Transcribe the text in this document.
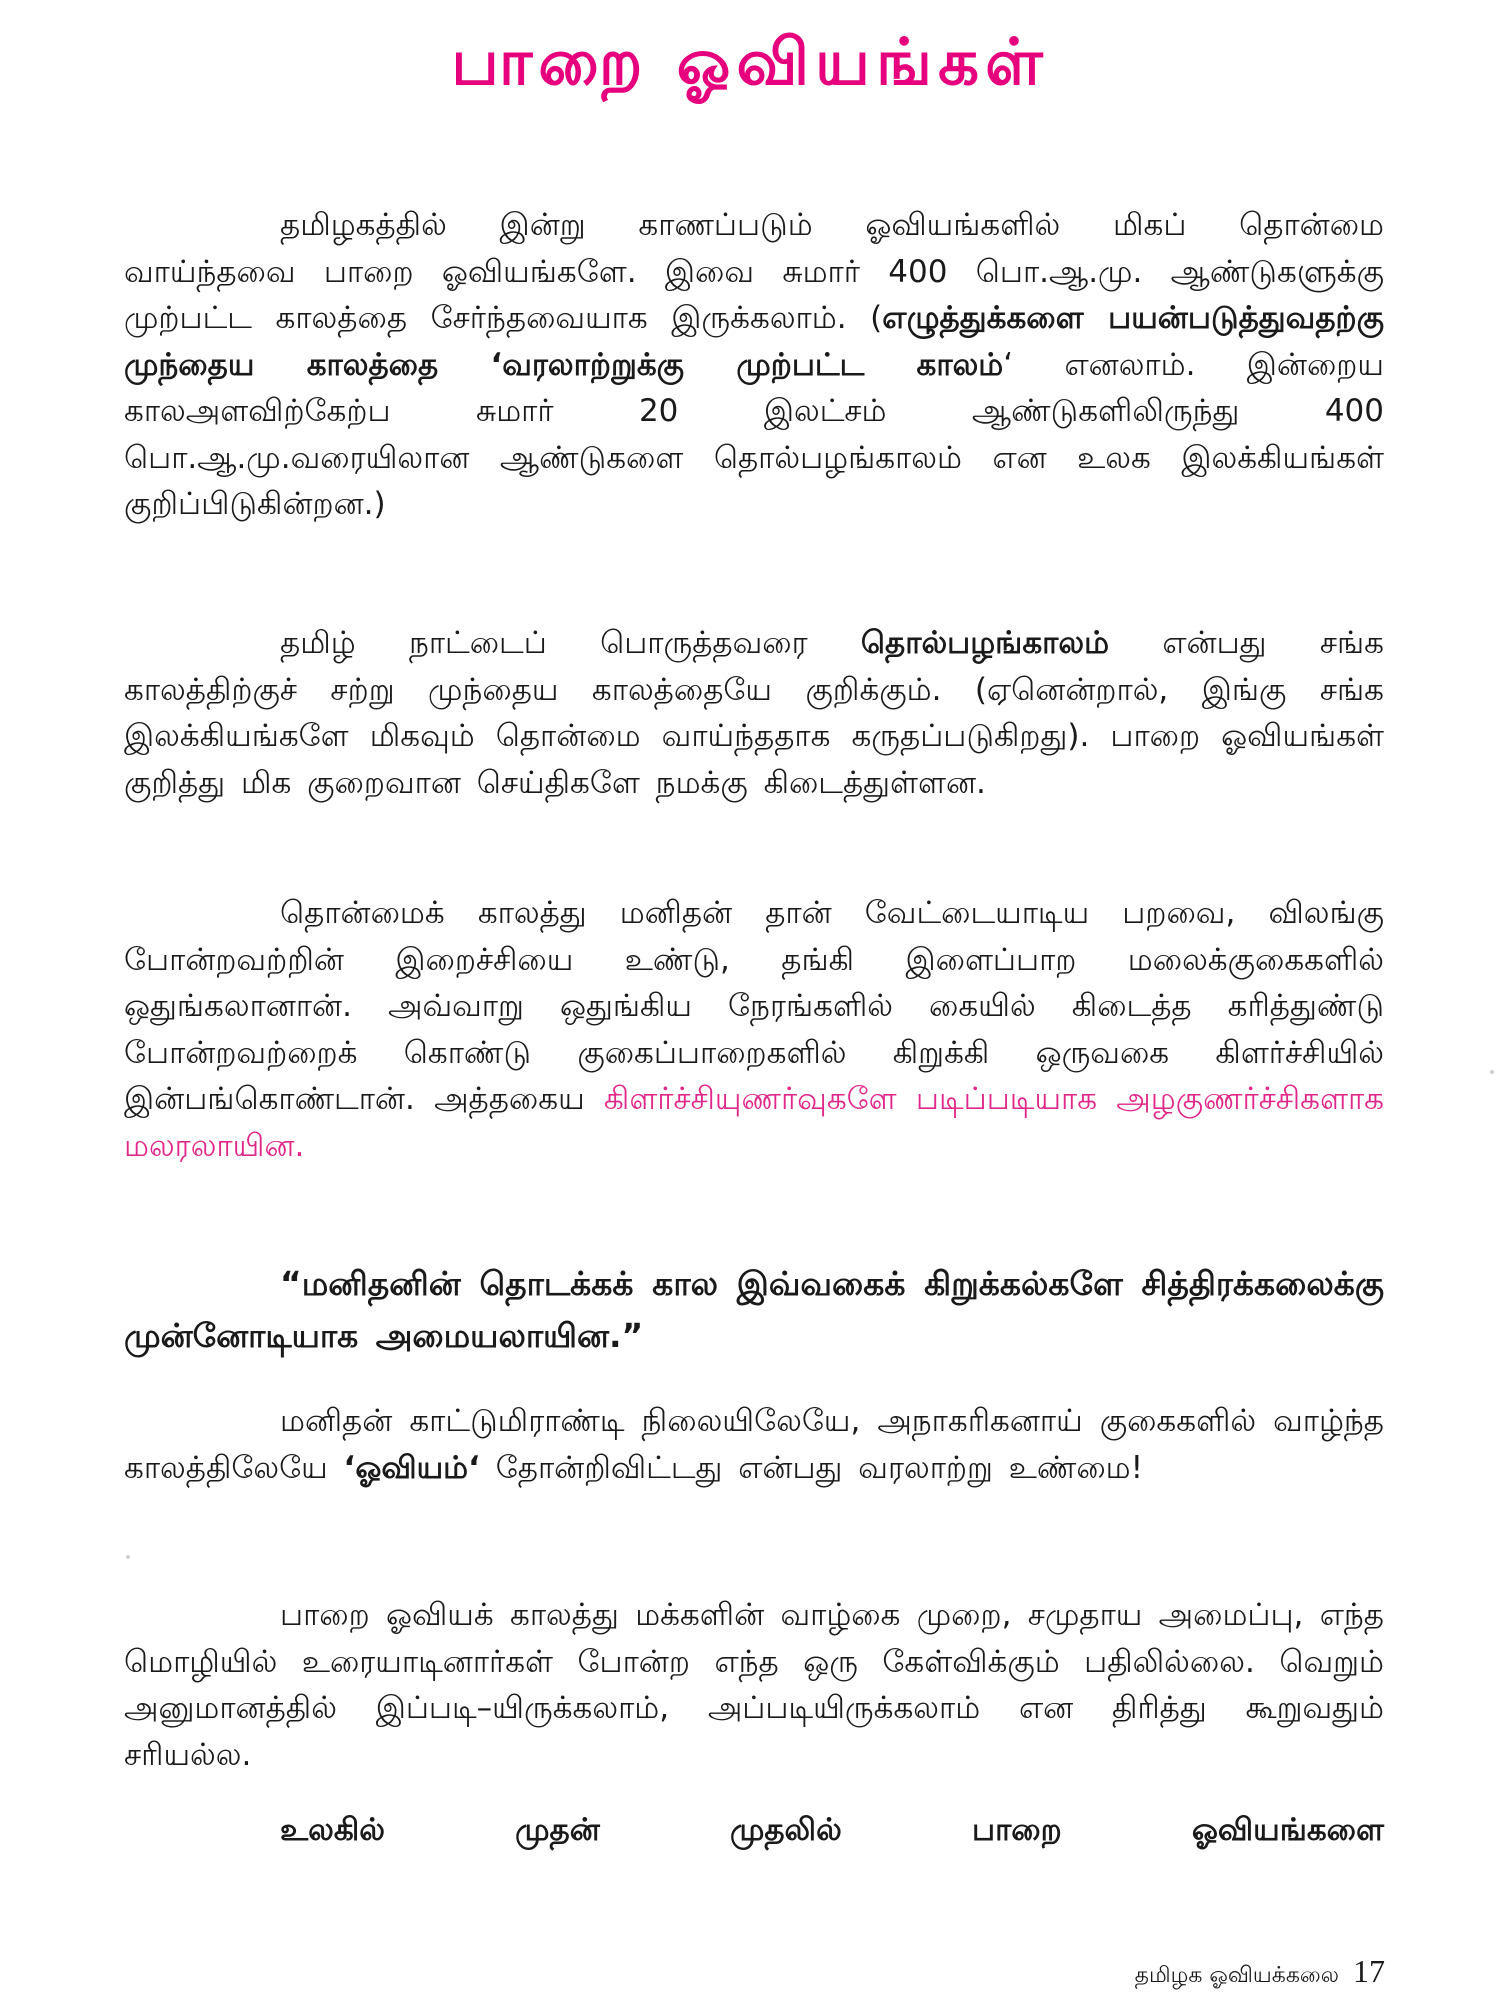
பாறை ஓவியங்கள்

தமிழகத்தில் இன்று காணப்படும் ஓவியங்களில் மிகப் தொன்மை வாய்ந்தவை பாறை ஓவியங்களே. இவை சுமார் 400 பொ.ஆ.மு. ஆண்டுகளுக்கு முற்பட்ட காலத்தை சேர்ந்தவையாக இருக்கலாம். (எழுத்துக்களை பயன்படுத்துவதற்கு முந்தைய காலத்தை ‘வரலாற்றுக்கு முற்பட்ட காலம்‘ எனலாம். இன்றைய காலஅளவிற்கேற்ப சுமார் 20 இலட்சம் ஆண்டுகளிலிருந்து 400 பொ.ஆ.மு.வரையிலான ஆண்டுகளை தொல்பழங்காலம் என உலக இலக்கியங்கள் குறிப்பிடுகின்றன.)

தமிழ் நாட்டைப் பொருத்தவரை தொல்பழங்காலம் என்பது சங்க காலத்திற்குச் சற்று முந்தைய காலத்தையே குறிக்கும். (ஏனென்றால், இங்கு சங்க இலக்கியங்களே மிகவும் தொன்மை வாய்ந்ததாக கருதப்படுகிறது). பாறை ஓவியங்கள் குறித்து மிக குறைவான செய்திகளே நமக்கு கிடைத்துள்ளன.

தொன்மைக் காலத்து மனிதன் தான் வேட்டையாடிய பறவை, விலங்கு போன்றவற்றின் இறைச்சியை உண்டு, தங்கி இளைப்பாற மலைக்குகைகளில் ஒதுங்கலானான். அவ்வாறு ஒதுங்கிய நேரங்களில் கையில் கிடைத்த கரித்துண்டு போன்றவற்றைக் கொண்டு குகைப்பாறைகளில் கிறுக்கி ஒருவகை கிளர்ச்சியில் இன்பங்கொண்டான். அத்தகைய கிளர்ச்சியுணர்வுகளே படிப்படியாக அழகுணர்ச்சிகளாக மலரலாயின.

“மனிதனின் தொடக்கக் கால இவ்வகைக் கிறுக்கல்களே சித்திரக்கலைக்கு முன்னோடியாக அமையலாயின.”

மனிதன் காட்டுமிராண்டி நிலையிலேயே, அநாகரிகனாய் குகைகளில் வாழ்ந்த காலத்திலேயே ‘ஓவியம்‘ தோன்றிவிட்டது என்பது வரலாற்று உண்மை!

பாறை ஓவியக் காலத்து மக்களின் வாழ்கை முறை, சமுதாய அமைப்பு, எந்த மொழியில் உரையாடினார்கள் போன்ற எந்த ஒரு கேள்விக்கும் பதிலில்லை. வெறும் அனுமானத்தில் இப்படி–யிருக்கலாம், அப்படியிருக்கலாம் என திரித்து கூறுவதும் சரியல்ல.

உலகில் முதன் முதலில் பாறை ஓவியங்களை

தமிழக ஓவியக்கலை 17
